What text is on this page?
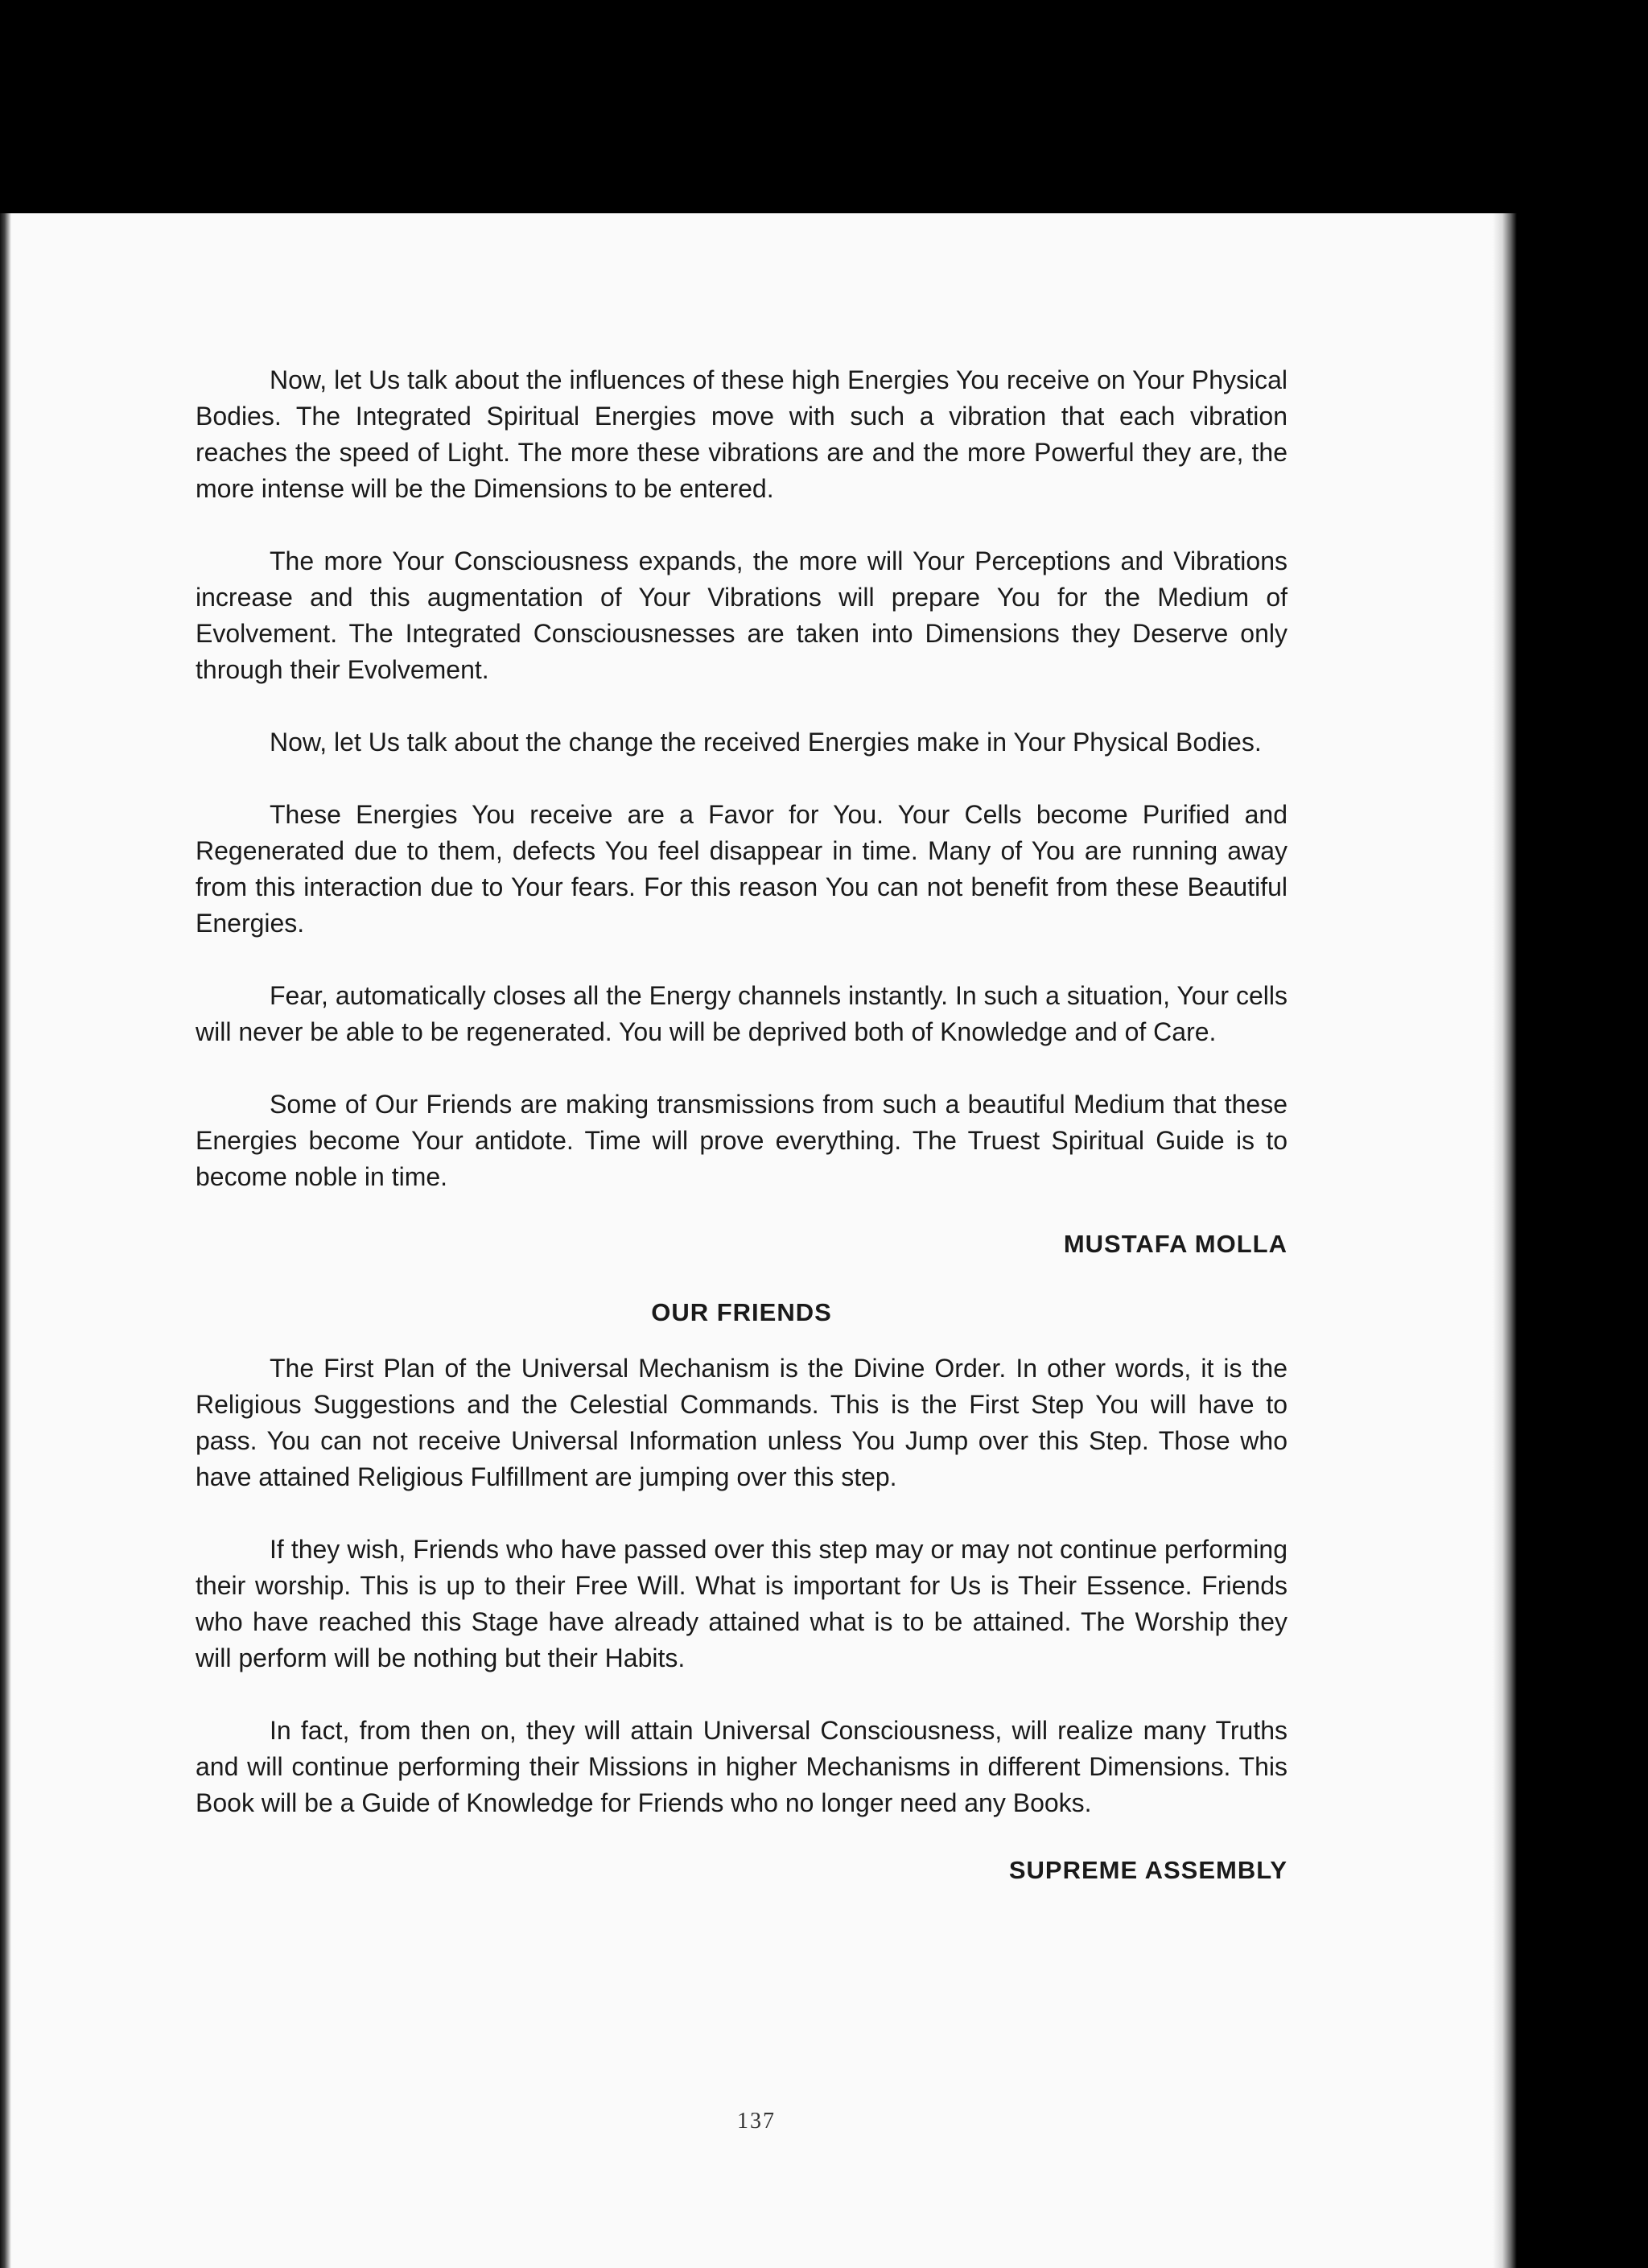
Now, let Us talk about the influences of these high Energies You receive on Your Physical Bodies. The Integrated Spiritual Energies move with such a vibration that each vibration reaches the speed of Light. The more these vibrations are and the more Powerful they are, the more intense will be the Dimensions to be entered.

The more Your Consciousness expands, the more will Your Perceptions and Vibrations increase and this augmentation of Your Vibrations will prepare You for the Medium of Evolvement. The Integrated Consciousnesses are taken into Dimensions they Deserve only through their Evolvement.

Now, let Us talk about the change the received Energies make in Your Physical Bodies.

These Energies You receive are a Favor for You. Your Cells become Purified and Regenerated due to them, defects You feel disappear in time. Many of You are running away from this interaction due to Your fears. For this reason You can not benefit from these Beautiful Energies.

Fear, automatically closes all the Energy channels instantly. In such a situation, Your cells will never be able to be regenerated. You will be deprived both of Knowledge and of Care.

Some of Our Friends are making transmissions from such a beautiful Medium that these Energies become Your antidote. Time will prove everything. The Truest Spiritual Guide is to become noble in time.

MUSTAFA MOLLA
OUR FRIENDS

The First Plan of the Universal Mechanism is the Divine Order. In other words, it is the Religious Suggestions and the Celestial Commands. This is the First Step You will have to pass. You can not receive Universal Information unless You Jump over this Step. Those who have attained Religious Fulfillment are jumping over this step.

If they wish, Friends who have passed over this step may or may not continue performing their worship. This is up to their Free Will. What is important for Us is Their Essence. Friends who have reached this Stage have already attained what is to be attained. The Worship they will perform will be nothing but their Habits.

In fact, from then on, they will attain Universal Consciousness, will realize many Truths and will continue performing their Missions in higher Mechanisms in different Dimensions. This Book will be a Guide of Knowledge for Friends who no longer need any Books.

SUPREME ASSEMBLY
137
